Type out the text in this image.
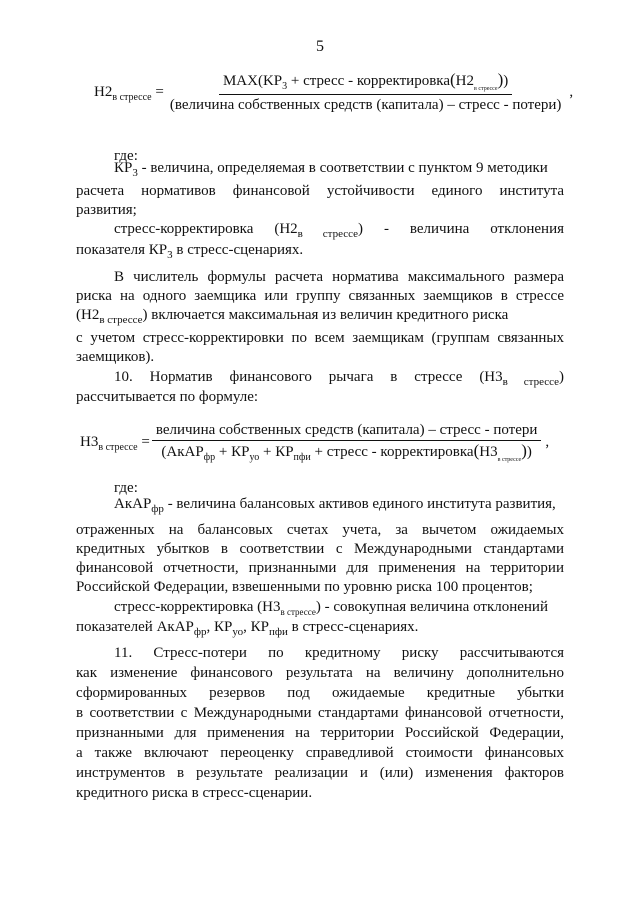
5
$Н2_{в стрессе} = \frac{MAX(KP_3 + стресс - корректировка(Н2_{в стрессе}))}{\text{(величина собственных средств (капитала) – стресс - потери)}}$ ,
где:
$КР_3$ - величина, определяемая в соответствии с пунктом 9 методики
расчета нормативов финансовой устойчивости единого института
развития;
стресс-корректировка $(Н2_{в стрессе})$ - величина отклонения
показателя $КР_3$ в стресс-сценариях.
В числитель формулы расчета норматива максимального размера
риска на одного заемщика или группу связанных заемщиков в стрессе
$(Н2_{в стрессе})$ включается максимальная из величин кредитного риска
с учетом стресс-корректировки по всем заемщикам (группам связанных
заемщиков).
10. Норматив финансового рычага в стрессе $(Н3_{в стрессе})$
рассчитывается по формуле:
$Н3_{в стрессе}$ =
величина собственных средств (капитала) – стресс - потери
(АкАР$_{фр}$ + $КР_{уо} + КР_{пфи}$ + стресс - $корректировка(Н3_{в стрессе})$)
,
где:
АкАР$_{фр}$ - величина балансовых активов единого института развития,
отраженных на балансовых счетах учета, за вычетом ожидаемых
кредитных убытков в соответствии с Международными стандартами
финансовой отчетности, признанными для применения на территории
Российской Федерации, взвешенными по уровню риска 100 процентов;
стресс-корректировка $(Н3_{в стрессе})$ - совокупная величина отклонений
показателей АкАР$_{фр}$, $КР_{уо}$, $КР_{пфи}$ в стресс-сценариях.
11. Стресс-потери по кредитному риску рассчитываются
как изменение финансового результата на величину дополнительно
сформированных резервов под ожидаемые кредитные убытки
в соответствии с Международными стандартами финансовой отчетности,
признанными для применения на территории Российской Федерации,
а также включают переоценку справедливой стоимости финансовых
инструментов в результате реализации и (или) изменения факторов
кредитного риска в стресс-сценарии.
